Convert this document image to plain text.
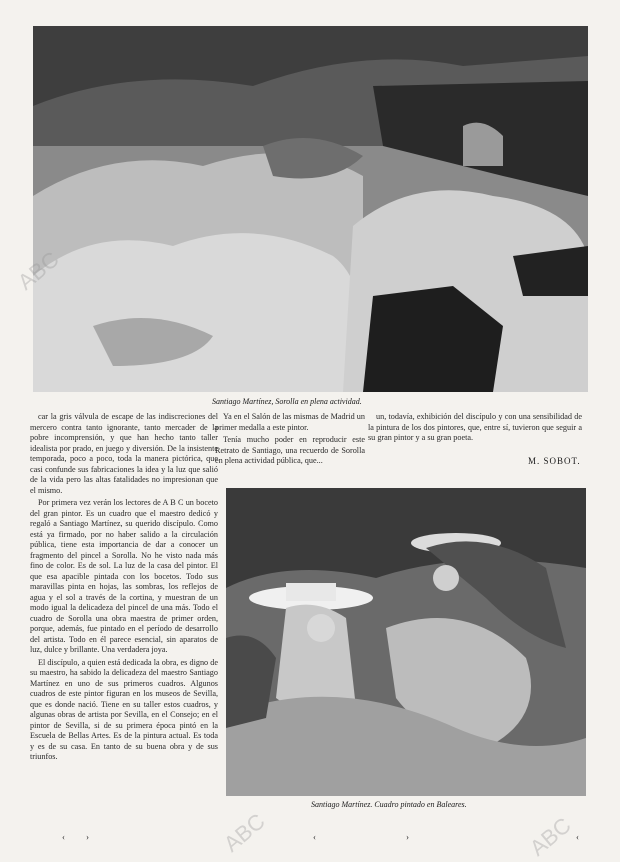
Santiago Martínez, Sorolla en plena actividad.
Santiago Martínez. Cuadro pintado en Baleares.

car la gris válvula de escape de las indiscreciones del mercero contra tanto ignorante, tanto mercader de la pobre incomprensión, y que han hecho tanto taller idealista por prado, en juego y diversión. De la insistente temporada, poco a poco, toda la manera pictórica, que casi confunde sus fabricaciones la idea y la luz que salió de la vida pero las altas fatalidades no impresionan que el mismo.

Por primera vez verán los lectores de A B C un boceto del gran pintor. Es un cuadro que el maestro dedicó y regaló a Santiago Martínez, su querido discípulo. Como está ya firmado, por no haber salido a la circulación pública, tiene esta importancia de dar a conocer un fragmento del pincel a Sorolla. No he visto nada más fino de color. Es de sol. La luz de la casa del pintor. El que esa apacible pintada con los bocetos. Todo sus maravillas pinta en hojas, las sombras, los reflejos de agua y el sol a través de la cortina, y muestran de un modo igual la delicadeza del pincel de una más. Todo el cuadro de Sorolla una obra maestra de primer orden, porque, además, fue pintado en el período de desarrollo del artista. Todo en él parece esencial, sin aparatos de luz, dulce y brillante. Una verdadera joya.

El discípulo, a quien está dedicada la obra, es digno de su maestro, ha sabido la delicadeza del maestro Santiago Martínez en uno de sus primeros cuadros. Algunos cuadros de este pintor figuran en los museos de Sevilla, que es donde nació. Tiene en su taller estos cuadros, y algunas obras de artista por Sevilla, en el Consejo; en el pintor de Sevilla, si de su primera época pintó en la Escuela de Bellas Artes. Es de la pintura actual. Es toda y es de su casa. En tanto de su buena obra y de sus triunfos.

Ya en el Salón de las mismas de Madrid un primer medalla a este pintor.

Tenía mucho poder en reproducir este Retrato de Santiago, una recuerdo de Sorolla en plena actividad pública, que...

un, todavía, exhibición del discípulo y con una sensibilidad de la pintura de los dos pintores, que, entre sí, tuvieron que seguir a su gran pintor y a su gran poeta.

M. SOBOT.
ABC
ABC	ABC
‹ ›	‹	›	‹
